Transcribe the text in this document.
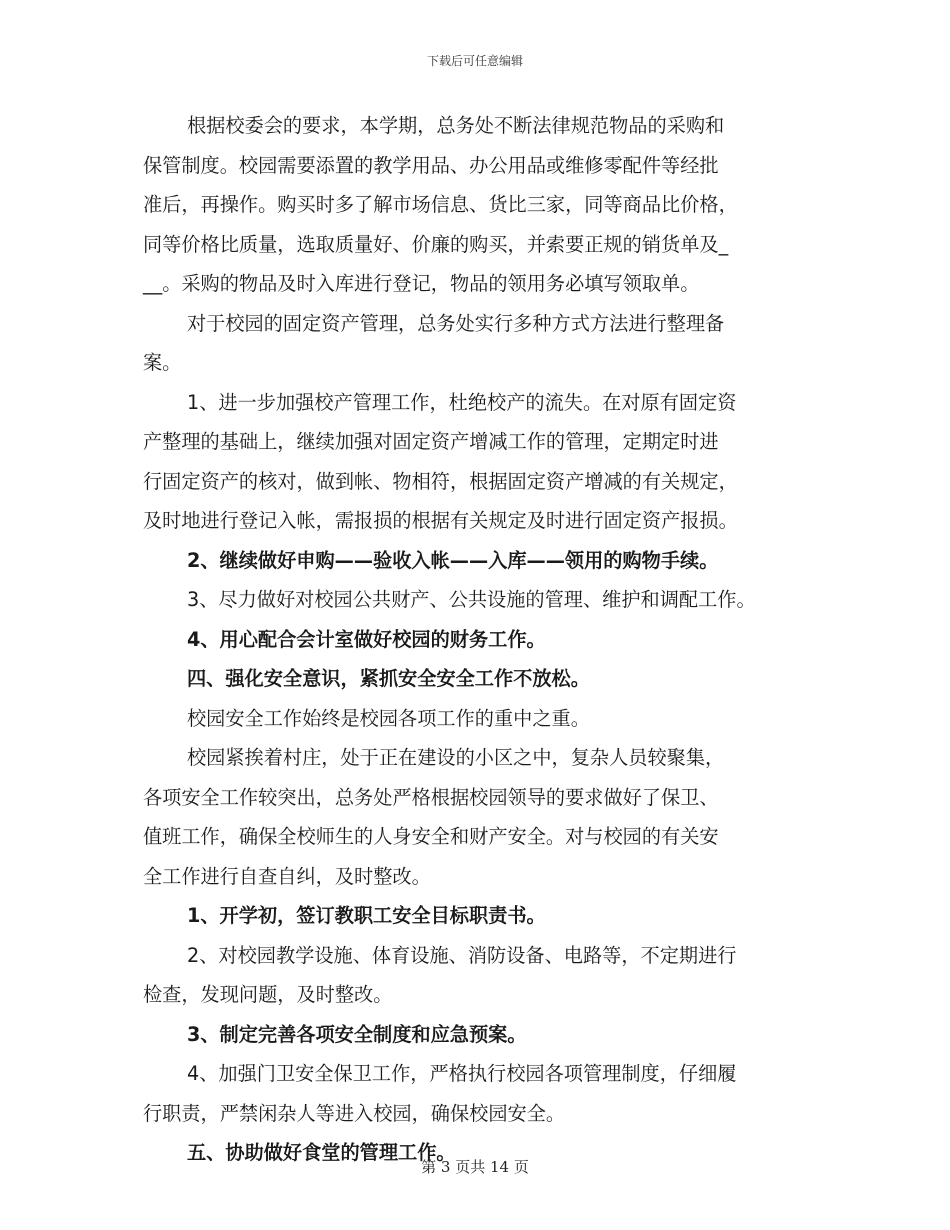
下载后可任意编辑
根据校委会的要求，本学期，总务处不断法律规范物品的采购和
保管制度。校园需要添置的教学用品、办公用品或维修零配件等经批
准后，再操作。购买时多了解市场信息、货比三家，同等商品比价格，
同等价格比质量，选取质量好、价廉的购买，并索要正规的销货单及_
__。采购的物品及时入库进行登记，物品的领用务必填写领取单。
对于校园的固定资产管理，总务处实行多种方式方法进行整理备
案。
1、进一步加强校产管理工作，杜绝校产的流失。在对原有固定资
产整理的基础上，继续加强对固定资产增减工作的管理，定期定时进
行固定资产的核对，做到帐、物相符，根据固定资产增减的有关规定，
及时地进行登记入帐，需报损的根据有关规定及时进行固定资产报损。
2、继续做好申购——验收入帐——入库——领用的购物手续。
3、尽力做好对校园公共财产、公共设施的管理、维护和调配工作。
4、用心配合会计室做好校园的财务工作。
四、强化安全意识，紧抓安全安全工作不放松。
校园安全工作始终是校园各项工作的重中之重。
校园紧挨着村庄，处于正在建设的小区之中，复杂人员较聚集，
各项安全工作较突出，总务处严格根据校园领导的要求做好了保卫、
值班工作，确保全校师生的人身安全和财产安全。对与校园的有关安
全工作进行自查自纠，及时整改。
1、开学初，签订教职工安全目标职责书。
2、对校园教学设施、体育设施、消防设备、电路等，不定期进行
检查，发现问题，及时整改。
3、制定完善各项安全制度和应急预案。
4、加强门卫安全保卫工作，严格执行校园各项管理制度，仔细履
行职责，严禁闲杂人等进入校园，确保校园安全。
五、协助做好食堂的管理工作。
第 3 页共 14 页
